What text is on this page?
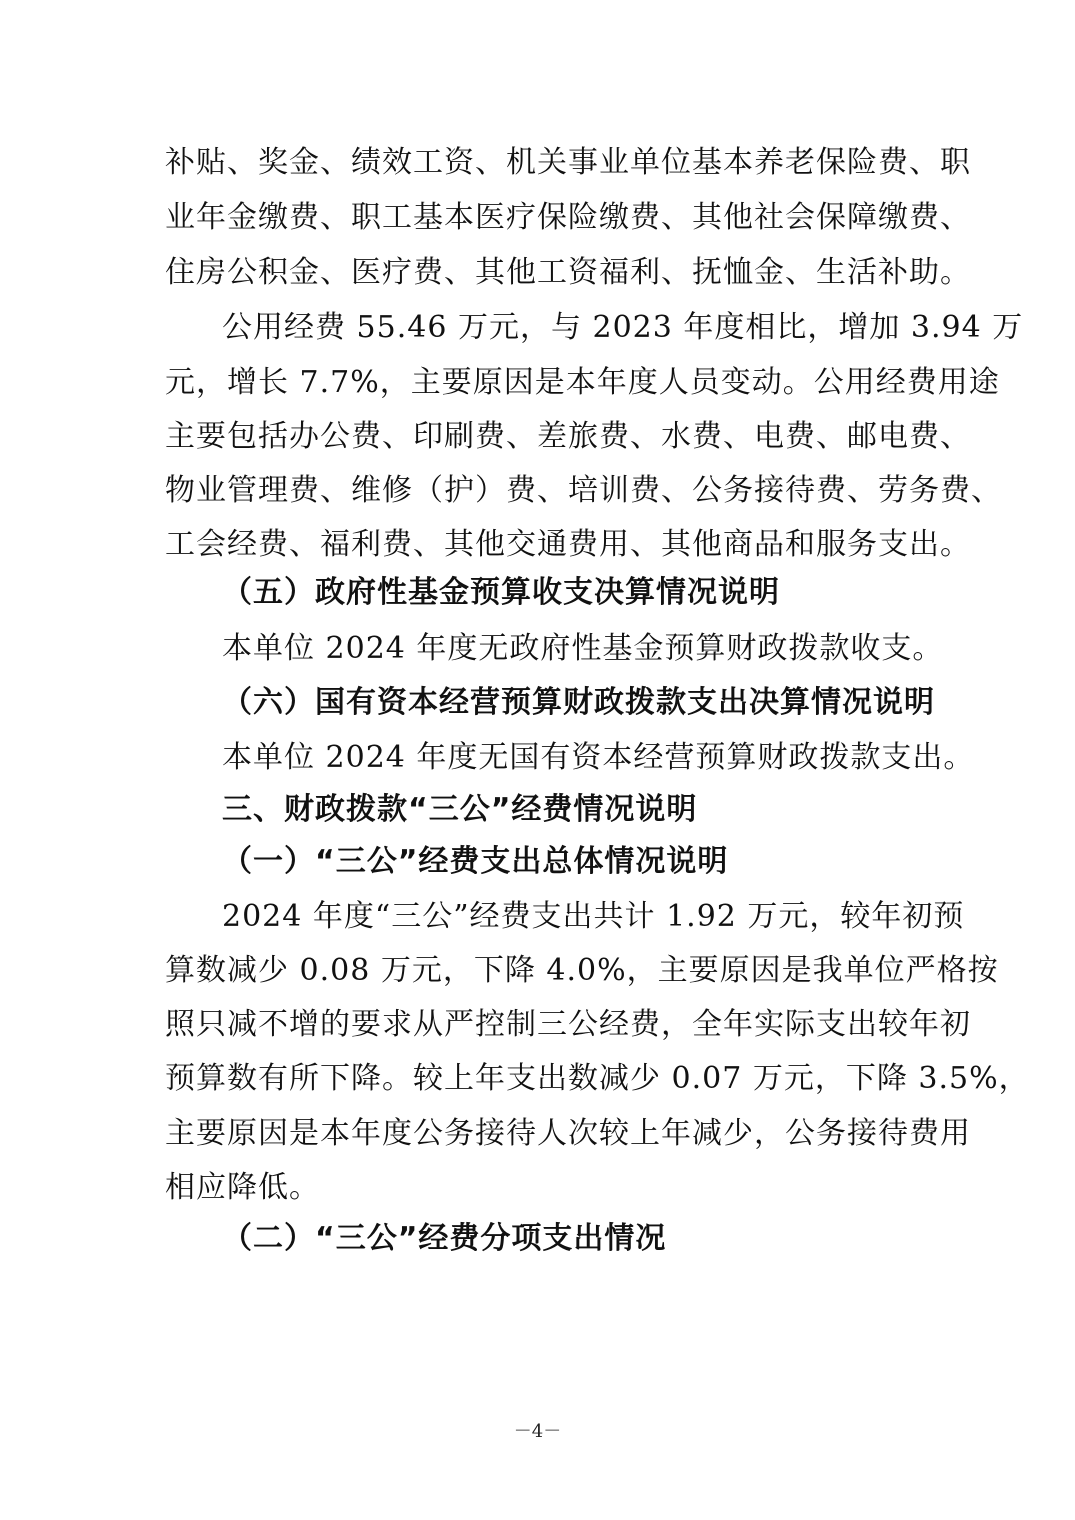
补贴、奖金、绩效工资、机关事业单位基本养老保险费、职
业年金缴费、职工基本医疗保险缴费、其他社会保障缴费、
住房公积金、医疗费、其他工资福利、抚恤金、生活补助。
公用经费 55.46 万元，与 2023 年度相比，增加 3.94 万
元，增长 7.7%，主要原因是本年度人员变动。公用经费用途
主要包括办公费、印刷费、差旅费、水费、电费、邮电费、
物业管理费、维修（护）费、培训费、公务接待费、劳务费、
工会经费、福利费、其他交通费用、其他商品和服务支出。
（五）政府性基金预算收支决算情况说明
本单位 2024 年度无政府性基金预算财政拨款收支。
（六）国有资本经营预算财政拨款支出决算情况说明
本单位 2024 年度无国有资本经营预算财政拨款支出。
三、财政拨款“三公”经费情况说明
（一）“三公”经费支出总体情况说明
2024 年度“三公”经费支出共计 1.92 万元，较年初预
算数减少 0.08 万元，下降 4.0%，主要原因是我单位严格按
照只减不增的要求从严控制三公经费，全年实际支出较年初
预算数有所下降。较上年支出数减少 0.07 万元，下降 3.5%，
主要原因是本年度公务接待人次较上年减少，公务接待费用
相应降低。
（二）“三公”经费分项支出情况
－4－
